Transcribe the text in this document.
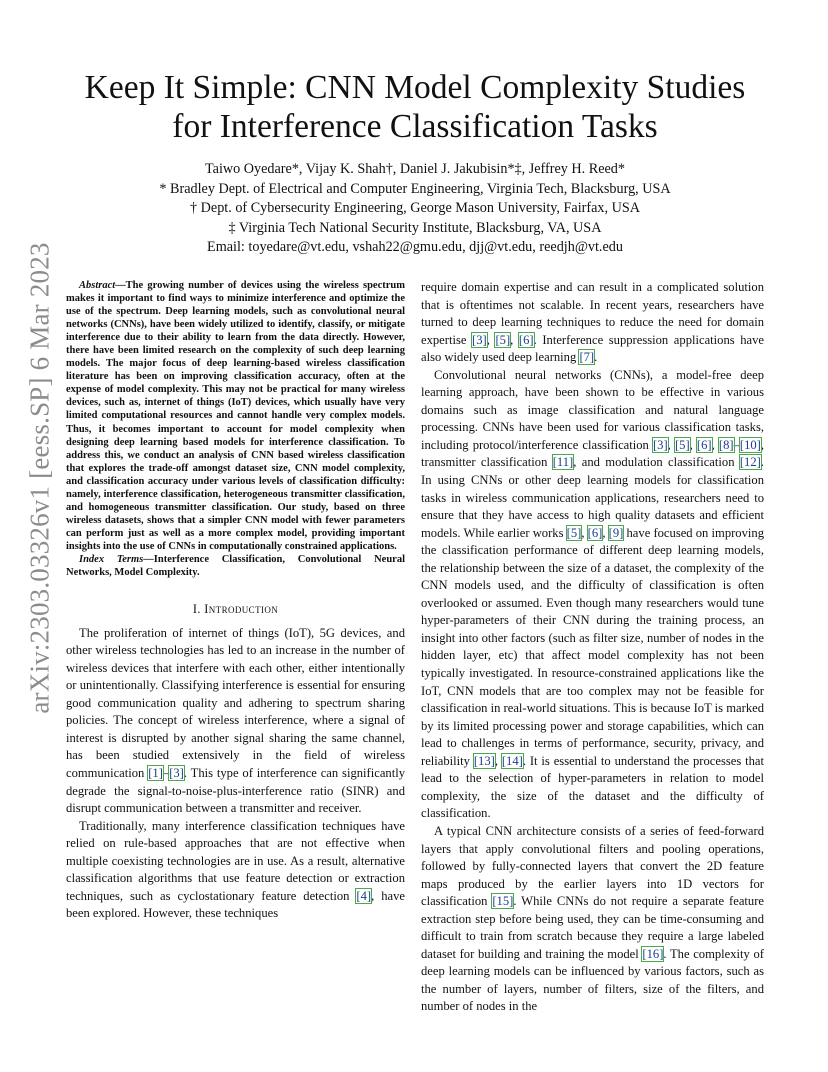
arXiv:2303.03326v1 [eess.SP] 6 Mar 2023
Keep It Simple: CNN Model Complexity Studies
for Interference Classification Tasks
Taiwo Oyedare*, Vijay K. Shah†, Daniel J. Jakubisin*‡, Jeffrey H. Reed*
* Bradley Dept. of Electrical and Computer Engineering, Virginia Tech, Blacksburg, USA
† Dept. of Cybersecurity Engineering, George Mason University, Fairfax, USA
‡ Virginia Tech National Security Institute, Blacksburg, VA, USA
Email: toyedare@vt.edu, vshah22@gmu.edu, djj@vt.edu, reedjh@vt.edu

Abstract—The growing number of devices using the wireless spectrum makes it important to find ways to minimize interference and optimize the use of the spectrum. Deep learning models, such as convolutional neural networks (CNNs), have been widely utilized to identify, classify, or mitigate interference due to their ability to learn from the data directly. However, there have been limited research on the complexity of such deep learning models. The major focus of deep learning-based wireless classification literature has been on improving classification accuracy, often at the expense of model complexity. This may not be practical for many wireless devices, such as, internet of things (IoT) devices, which usually have very limited computational resources and cannot handle very complex models. Thus, it becomes important to account for model complexity when designing deep learning based models for interference classification. To address this, we conduct an analysis of CNN based wireless classification that explores the trade-off amongst dataset size, CNN model complexity, and classification accuracy under various levels of classification difficulty: namely, interference classification, heterogeneous transmitter classification, and homogeneous transmitter classification. Our study, based on three wireless datasets, shows that a simpler CNN model with fewer parameters can perform just as well as a more complex model, providing important insights into the use of CNNs in computationally constrained applications.

Index Terms—Interference Classification, Convolutional Neural Networks, Model Complexity.

I. Introduction

The proliferation of internet of things (IoT), 5G devices, and other wireless technologies has led to an increase in the number of wireless devices that interfere with each other, either intentionally or unintentionally. Classifying interference is essential for ensuring good communication quality and adhering to spectrum sharing policies. The concept of wireless interference, where a signal of interest is disrupted by another signal sharing the same channel, has been studied extensively in the field of wireless communication [1]–[3]. This type of interference can significantly degrade the signal-to-noise-plus-interference ratio (SINR) and disrupt communication between a transmitter and receiver.

Traditionally, many interference classification techniques have relied on rule-based approaches that are not effective when multiple coexisting technologies are in use. As a result, alternative classification algorithms that use feature detection or extraction techniques, such as cyclostationary feature detection [4], have been explored. However, these techniques

require domain expertise and can result in a complicated solution that is oftentimes not scalable. In recent years, researchers have turned to deep learning techniques to reduce the need for domain expertise [3], [5], [6]. Interference suppression applications have also widely used deep learning [7].

Convolutional neural networks (CNNs), a model-free deep learning approach, have been shown to be effective in various domains such as image classification and natural language processing. CNNs have been used for various classification tasks, including protocol/interference classification [3], [5], [6], [8]–[10], transmitter classification [11], and modulation classification [12]. In using CNNs or other deep learning models for classification tasks in wireless communication applications, researchers need to ensure that they have access to high quality datasets and efficient models. While earlier works [5], [6], [9] have focused on improving the classification performance of different deep learning models, the relationship between the size of a dataset, the complexity of the CNN models used, and the difficulty of classification is often overlooked or assumed. Even though many researchers would tune hyper-parameters of their CNN during the training process, an insight into other factors (such as filter size, number of nodes in the hidden layer, etc) that affect model complexity has not been typically investigated. In resource-constrained applications like the IoT, CNN models that are too complex may not be feasible for classification in real-world situations. This is because IoT is marked by its limited processing power and storage capabilities, which can lead to challenges in terms of performance, security, privacy, and reliability [13], [14]. It is essential to understand the processes that lead to the selection of hyper-parameters in relation to model complexity, the size of the dataset and the difficulty of classification.

A typical CNN architecture consists of a series of feed-forward layers that apply convolutional filters and pooling operations, followed by fully-connected layers that convert the 2D feature maps produced by the earlier layers into 1D vectors for classification [15]. While CNNs do not require a separate feature extraction step before being used, they can be time-consuming and difficult to train from scratch because they require a large labeled dataset for building and training the model [16]. The complexity of deep learning models can be influenced by various factors, such as the number of layers, number of filters, size of the filters, and number of nodes in the
